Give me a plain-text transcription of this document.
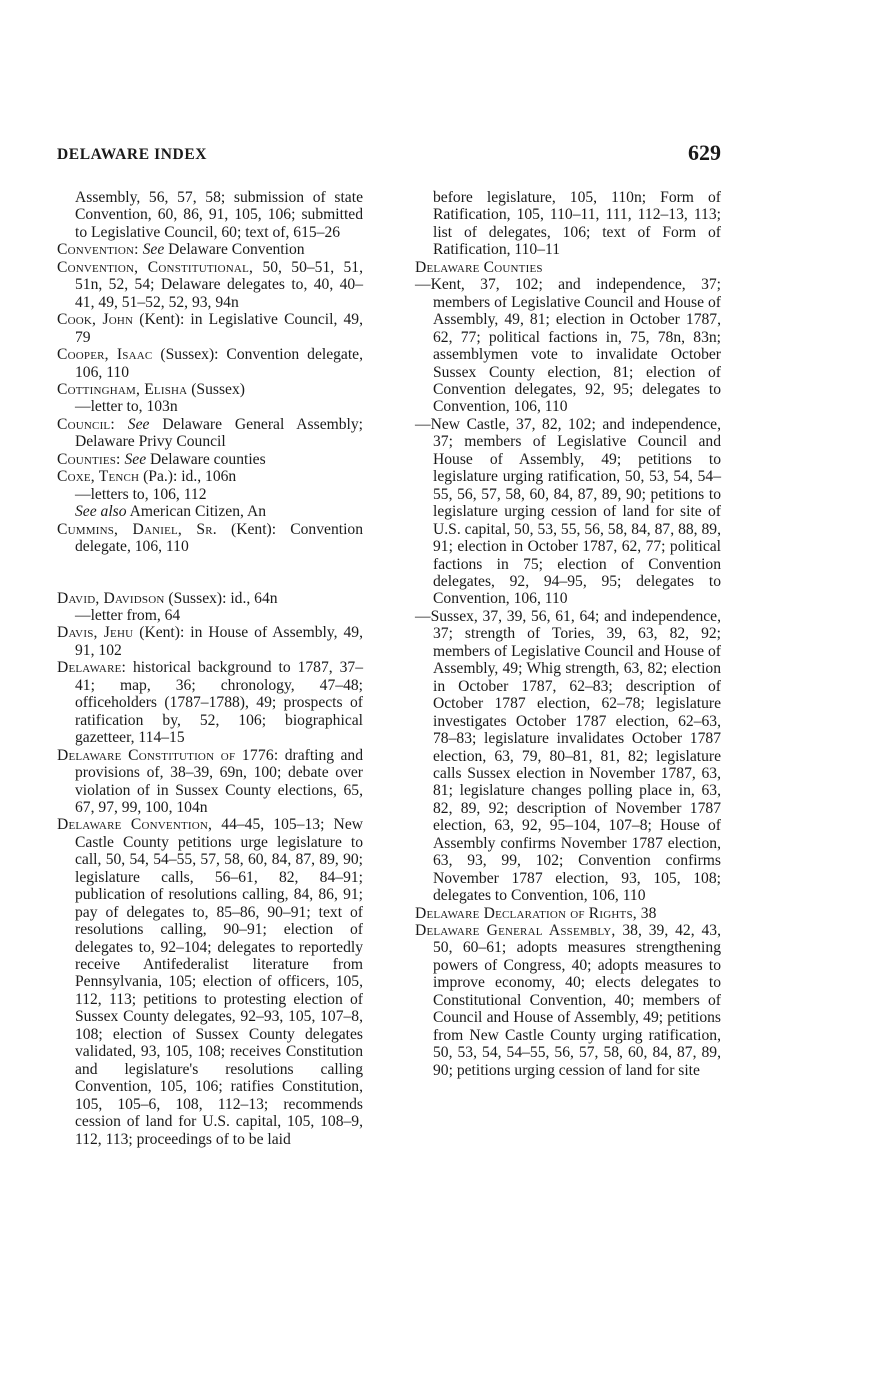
DELAWARE INDEX	629

Assembly, 56, 57, 58; submission of state Convention, 60, 86, 91, 105, 106; submitted to Legislative Council, 60; text of, 615–26

Convention: See Delaware Convention

Convention, Constitutional, 50, 50–51, 51, 51n, 52, 54; Delaware delegates to, 40, 40–41, 49, 51–52, 52, 93, 94n

Cook, John (Kent): in Legislative Council, 49, 79

Cooper, Isaac (Sussex): Convention delegate, 106, 110

Cottingham, Elisha (Sussex)

—letter to, 103n

Council: See Delaware General Assembly; Delaware Privy Council

Counties: See Delaware counties

Coxe, Tench (Pa.): id., 106n

—letters to, 106, 112

See also American Citizen, An

Cummins, Daniel, Sr. (Kent): Convention delegate, 106, 110

David, Davidson (Sussex): id., 64n

—letter from, 64

Davis, Jehu (Kent): in House of Assembly, 49, 91, 102

Delaware: historical background to 1787, 37–41; map, 36; chronology, 47–48; officeholders (1787–1788), 49; prospects of ratification by, 52, 106; biographical gazetteer, 114–15

Delaware Constitution of 1776: drafting and provisions of, 38–39, 69n, 100; debate over violation of in Sussex County elections, 65, 67, 97, 99, 100, 104n

Delaware Convention, 44–45, 105–13; New Castle County petitions urge legislature to call, 50, 54, 54–55, 57, 58, 60, 84, 87, 89, 90; legislature calls, 56–61, 82, 84–91; publication of resolutions calling, 84, 86, 91; pay of delegates to, 85–86, 90–91; text of resolutions calling, 90–91; election of delegates to, 92–104; delegates to reportedly receive Antifederalist literature from Pennsylvania, 105; election of officers, 105, 112, 113; petitions to protesting election of Sussex County delegates, 92–93, 105, 107–8, 108; election of Sussex County delegates validated, 93, 105, 108; receives Constitution and legislature's resolutions calling Convention, 105, 106; ratifies Constitution, 105, 105–6, 108, 112–13; recommends cession of land for U.S. capital, 105, 108–9, 112, 113; proceedings of to be laid

before legislature, 105, 110n; Form of Ratification, 105, 110–11, 111, 112–13, 113; list of delegates, 106; text of Form of Ratification, 110–11

Delaware Counties

—Kent, 37, 102; and independence, 37; members of Legislative Council and House of Assembly, 49, 81; election in October 1787, 62, 77; political factions in, 75, 78n, 83n; assemblymen vote to invalidate October Sussex County election, 81; election of Convention delegates, 92, 95; delegates to Convention, 106, 110

—New Castle, 37, 82, 102; and independence, 37; members of Legislative Council and House of Assembly, 49; petitions to legislature urging ratification, 50, 53, 54, 54–55, 56, 57, 58, 60, 84, 87, 89, 90; petitions to legislature urging cession of land for site of U.S. capital, 50, 53, 55, 56, 58, 84, 87, 88, 89, 91; election in October 1787, 62, 77; political factions in 75; election of Convention delegates, 92, 94–95, 95; delegates to Convention, 106, 110

—Sussex, 37, 39, 56, 61, 64; and independence, 37; strength of Tories, 39, 63, 82, 92; members of Legislative Council and House of Assembly, 49; Whig strength, 63, 82; election in October 1787, 62–83; description of October 1787 election, 62–78; legislature investigates October 1787 election, 62–63, 78–83; legislature invalidates October 1787 election, 63, 79, 80–81, 81, 82; legislature calls Sussex election in November 1787, 63, 81; legislature changes polling place in, 63, 82, 89, 92; description of November 1787 election, 63, 92, 95–104, 107–8; House of Assembly confirms November 1787 election, 63, 93, 99, 102; Convention confirms November 1787 election, 93, 105, 108; delegates to Convention, 106, 110

Delaware Declaration of Rights, 38

Delaware General Assembly, 38, 39, 42, 43, 50, 60–61; adopts measures strengthening powers of Congress, 40; adopts measures to improve economy, 40; elects delegates to Constitutional Convention, 40; members of Council and House of Assembly, 49; petitions from New Castle County urging ratification, 50, 53, 54, 54–55, 56, 57, 58, 60, 84, 87, 89, 90; petitions urging cession of land for site
